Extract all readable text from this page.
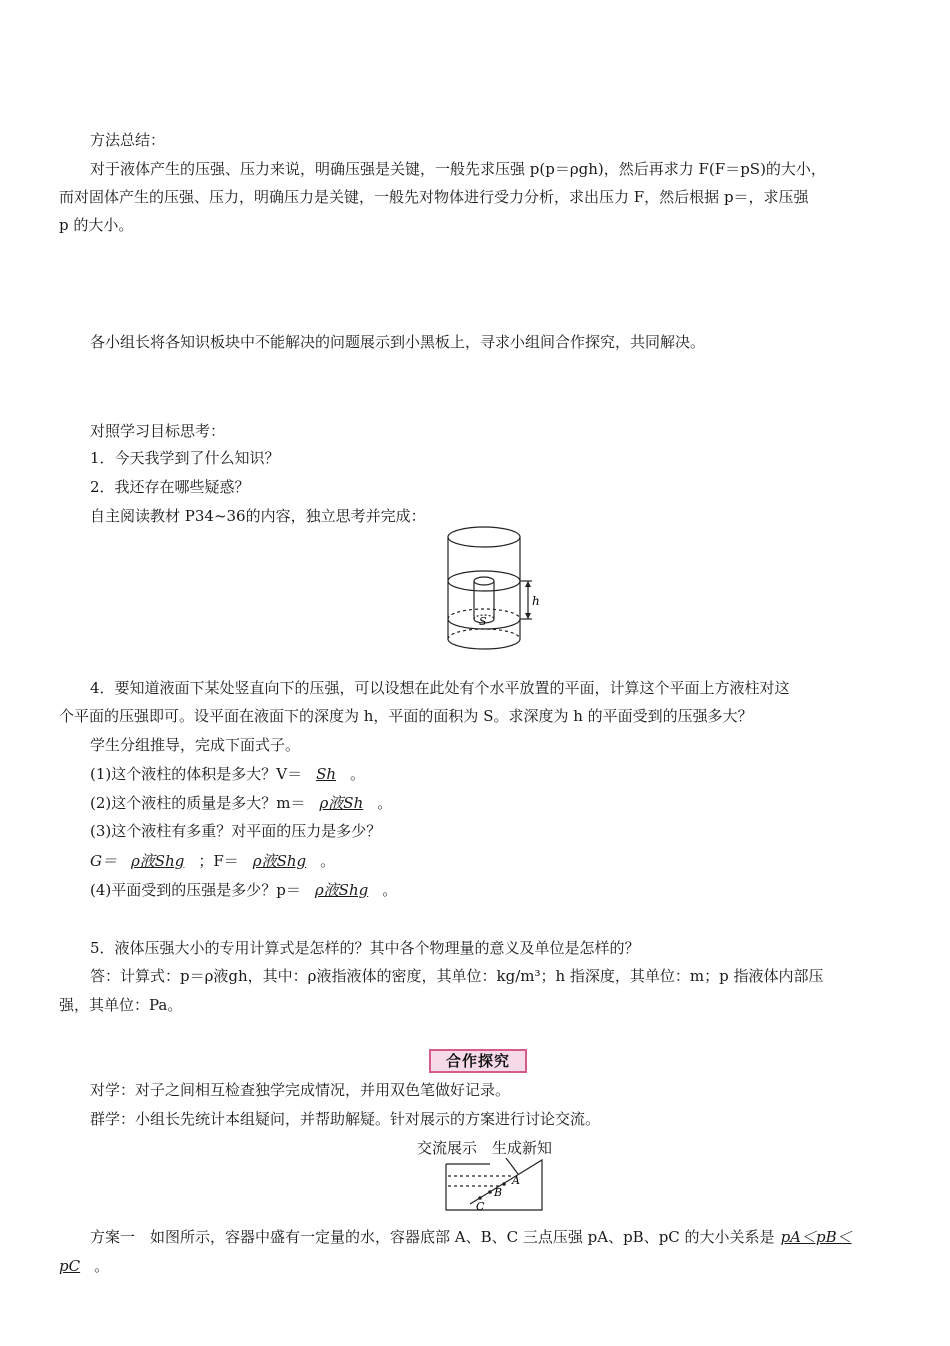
方法总结：
对于液体产生的压强、压力来说，明确压强是关键，一般先求压强 p(p＝ρgh)，然后再求力 F(F＝pS)的大小，
而对固体产生的压强、压力，明确压力是关键，一般先对物体进行受力分析，求出压力 F，然后根据 p＝，求压强
p 的大小。
各小组长将各知识板块中不能解决的问题展示到小黑板上，寻求小组间合作探究，共同解决。
对照学习目标思考：
1．今天我学到了什么知识？
2．我还存在哪些疑惑？
自主阅读教材 P34~36的内容，独立思考并完成：
h
S
4．要知道液面下某处竖直向下的压强，可以设想在此处有个水平放置的平面，计算这个平面上方液柱对这
个平面的压强即可。设平面在液面下的深度为 h，平面的面积为 S。求深度为 h 的平面受到的压强多大？
学生分组推导，完成下面式子。
(1)这个液柱的体积是多大？V＝ Sh 。
(2)这个液柱的质量是多大？m＝ ρ液Sh 。
(3)这个液柱有多重？对平面的压力是多少？
G＝ ρ液Shg ；F＝ ρ液Shg 。
(4)平面受到的压强是多少？p＝ ρ液Shg 。
5．液体压强大小的专用计算式是怎样的？其中各个物理量的意义及单位是怎样的？
答：计算式：p＝ρ液gh，其中：ρ液指液体的密度，其单位：kg/m³；h 指深度，其单位：m；p 指液体内部压
强，其单位：Pa。
合作探究
对学：对子之间相互检查独学完成情况，并用双色笔做好记录。
群学：小组长先统计本组疑问，并帮助解疑。针对展示的方案进行讨论交流。
交流展示　生成新知
A
B
C
方案一　如图所示，容器中盛有一定量的水，容器底部 A、B、C 三点压强 pA、pB、pC 的大小关系是 pA＜pB＜
pC 。
